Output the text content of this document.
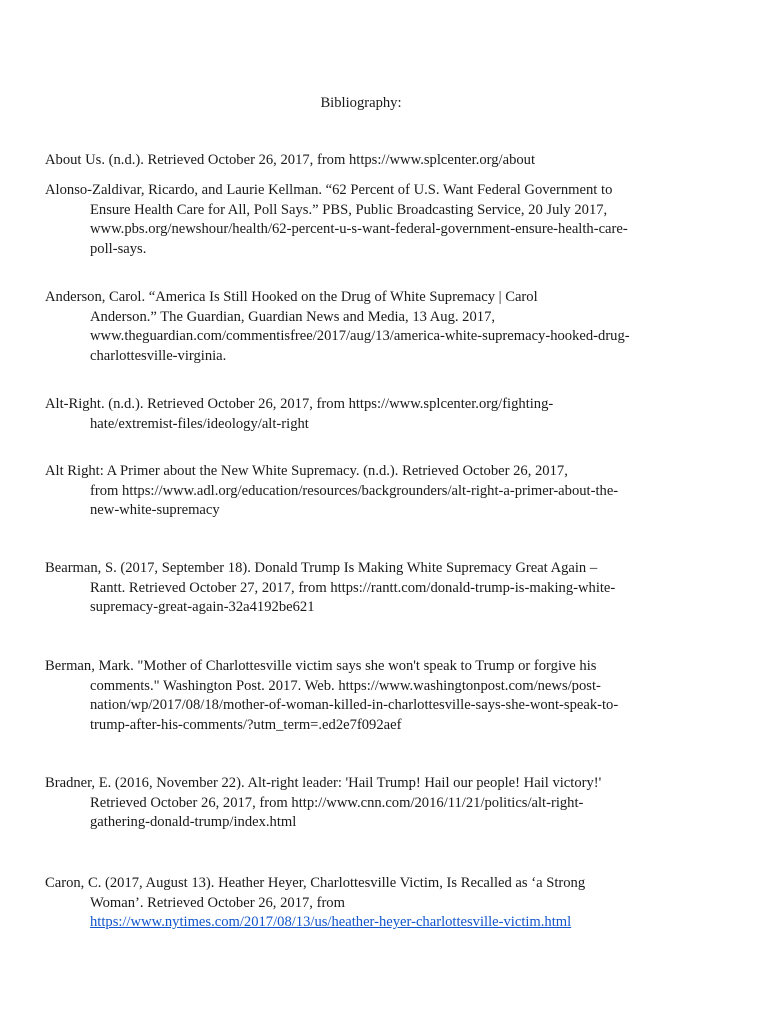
Bibliography:

About Us. (n.d.). Retrieved October 26, 2017, from https://www.splcenter.org/about

Alonso-Zaldivar, Ricardo, and Laurie Kellman. “62 Percent of U.S. Want Federal Government to
Ensure Health Care for All, Poll Says.” PBS, Public Broadcasting Service, 20 July 2017,
www.pbs.org/newshour/health/62-percent-u-s-want-federal-government-ensure-health-care-
poll-says.

Anderson, Carol. “America Is Still Hooked on the Drug of White Supremacy | Carol
Anderson.” The Guardian, Guardian News and Media, 13 Aug. 2017,
www.theguardian.com/commentisfree/2017/aug/13/america-white-supremacy-hooked-drug-
charlottesville-virginia.

Alt-Right. (n.d.). Retrieved October 26, 2017, from https://www.splcenter.org/fighting-
hate/extremist-files/ideology/alt-right

Alt Right: A Primer about the New White Supremacy. (n.d.). Retrieved October 26, 2017,
from https://www.adl.org/education/resources/backgrounders/alt-right-a-primer-about-the-
new-white-supremacy

Bearman, S. (2017, September 18). Donald Trump Is Making White Supremacy Great Again –
Rantt. Retrieved October 27, 2017, from https://rantt.com/donald-trump-is-making-white-
supremacy-great-again-32a4192be621

Berman, Mark. "Mother of Charlottesville victim says she won't speak to Trump or forgive his
comments." Washington Post. 2017. Web. https://www.washingtonpost.com/news/post-
nation/wp/2017/08/18/mother-of-woman-killed-in-charlottesville-says-she-wont-speak-to-
trump-after-his-comments/?utm_term=.ed2e7f092aef

Bradner, E. (2016, November 22). Alt-right leader: 'Hail Trump! Hail our people! Hail victory!'
Retrieved October 26, 2017, from http://www.cnn.com/2016/11/21/politics/alt-right-
gathering-donald-trump/index.html

Caron, C. (2017, August 13). Heather Heyer, Charlottesville Victim, Is Recalled as ‘a Strong
Woman’. Retrieved October 26, 2017, from
https://www.nytimes.com/2017/08/13/us/heather-heyer-charlottesville-victim.html
